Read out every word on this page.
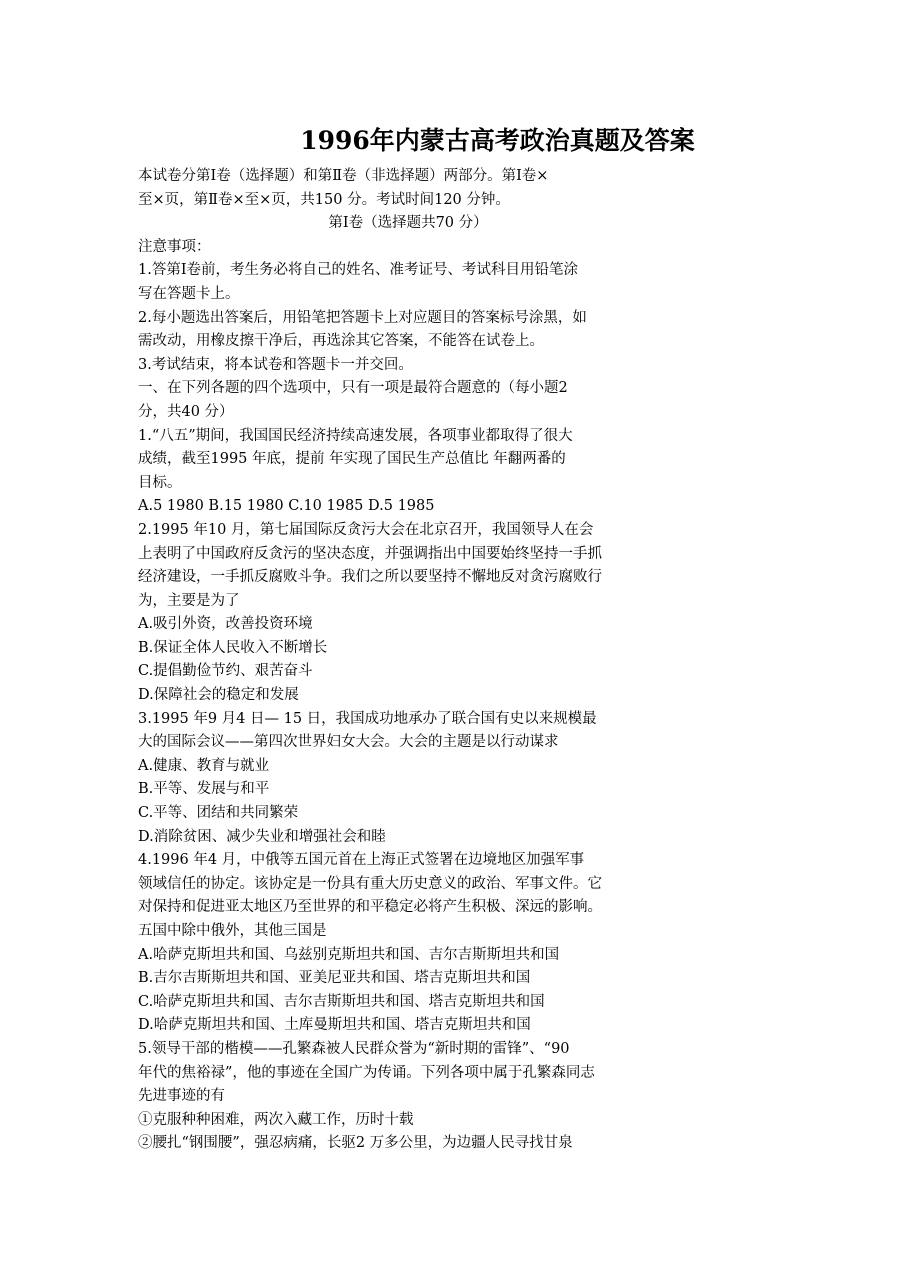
1996年内蒙古高考政治真题及答案
本试卷分第Ⅰ卷（选择题）和第Ⅱ卷（非选择题）两部分。第Ⅰ卷×
至×页，第Ⅱ卷×至×页，共150 分。考试时间120 分钟。
第Ⅰ卷（选择题共70 分）
注意事项：
1.答第Ⅰ卷前，考生务必将自己的姓名、准考证号、考试科目用铅笔涂
写在答题卡上。
2.每小题选出答案后，用铅笔把答题卡上对应题目的答案标号涂黑，如
需改动，用橡皮擦干净后，再选涂其它答案，不能答在试卷上。
3.考试结束，将本试卷和答题卡一并交回。
一、在下列各题的四个选项中，只有一项是最符合题意的（每小题2
分，共40 分）
1.“八五”期间，我国国民经济持续高速发展，各项事业都取得了很大
成绩，截至1995 年底，提前 年实现了国民生产总值比 年翻两番的
目标。
A.5 1980 B.15 1980 C.10 1985 D.5 1985
2.1995 年10 月，第七届国际反贪污大会在北京召开，我国领导人在会
上表明了中国政府反贪污的坚决态度，并强调指出中国要始终坚持一手抓
经济建设，一手抓反腐败斗争。我们之所以要坚持不懈地反对贪污腐败行
为，主要是为了
A.吸引外资，改善投资环境
B.保证全体人民收入不断增长
C.提倡勤俭节约、艰苦奋斗
D.保障社会的稳定和发展
3.1995 年9 月4 日— 15 日，我国成功地承办了联合国有史以来规模最
大的国际会议——第四次世界妇女大会。大会的主题是以行动谋求
A.健康、教育与就业
B.平等、发展与和平
C.平等、团结和共同繁荣
D.消除贫困、减少失业和增强社会和睦
4.1996 年4 月，中俄等五国元首在上海正式签署在边境地区加强军事
领域信任的协定。该协定是一份具有重大历史意义的政治、军事文件。它
对保持和促进亚太地区乃至世界的和平稳定必将产生积极、深远的影响。
五国中除中俄外，其他三国是
A.哈萨克斯坦共和国、乌兹别克斯坦共和国、吉尔吉斯斯坦共和国
B.吉尔吉斯斯坦共和国、亚美尼亚共和国、塔吉克斯坦共和国
C.哈萨克斯坦共和国、吉尔吉斯斯坦共和国、塔吉克斯坦共和国
D.哈萨克斯坦共和国、土库曼斯坦共和国、塔吉克斯坦共和国
5.领导干部的楷模——孔繁森被人民群众誉为“新时期的雷锋”、“90
年代的焦裕禄”，他的事迹在全国广为传诵。下列各项中属于孔繁森同志
先进事迹的有
①克服种种困难，两次入藏工作，历时十载
②腰扎“钢围腰”，强忍病痛，长驱2 万多公里，为边疆人民寻找甘泉
